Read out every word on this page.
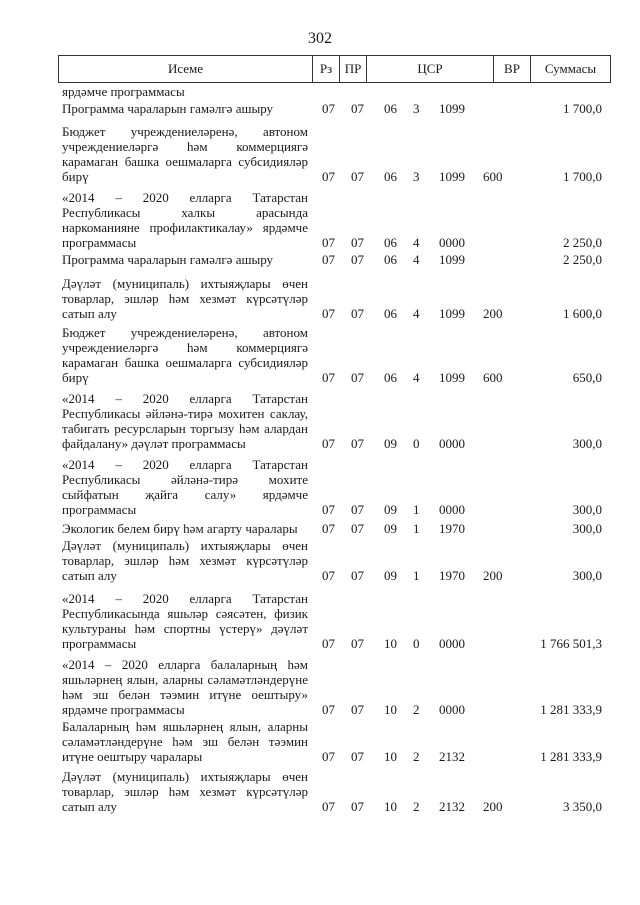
302
Исеме	Рз ПР	ЦСР	ВР	Суммасы
ярдәмче программасы
Программа чараларын гамәлгә ашыру	07 07 06 3 1099	1 700,0
Бюджет учреждениеләренә, автоном учреждениеләргә һәм коммерциягә карамаган башка оешмаларга субсидияләр бирү	07 07 06 3 1099 600	1 700,0
«2014 – 2020 елларга Татарстан Республикасы халкы арасында наркоманияне профилактикалау» ярдәмче программасы	07 07 06 4 0000	2 250,0
Программа чараларын гамәлгә ашыру	07 07 06 4 1099	2 250,0
Дәүләт (муниципаль) ихтыяҗлары өчен товарлар, эшләр һәм хезмәт күрсәтүләр сатып алу	07 07 06 4 1099 200	1 600,0
Бюджет учреждениеләренә, автоном учреждениеләргә һәм коммерциягә карамаган башка оешмаларга субсидияләр бирү	07 07 06 4 1099 600	650,0
«2014 – 2020 елларга Татарстан Республикасы әйләнә-тирә мохитен саклау, табигать ресурсларын торгызу һәм алардан файдалану» дәүләт программасы	07 07 09 0 0000	300,0
«2014 – 2020 елларга Татарстан Республикасы әйләнә-тирә мохите сыйфатын җайга салу» ярдәмче программасы	07 07 09 1 0000	300,0
Экологик белем бирү һәм агарту чаралары	07 07 09 1 1970	300,0
Дәүләт (муниципаль) ихтыяҗлары өчен товарлар, эшләр һәм хезмәт күрсәтүләр сатып алу	07 07 09 1 1970 200	300,0
«2014 – 2020 елларга Татарстан Республикасында яшьләр сәясәтен, физик культураны һәм спортны үстерү» дәүләт программасы	07 07 10 0 0000	1 766 501,3
«2014 – 2020 елларга балаларның һәм яшьләрнең ялын, аларны сәламәтләндерүне һәм эш белән тәэмин итүне оештыру» ярдәмче программасы	07 07 10 2 0000	1 281 333,9
Балаларның һәм яшьләрнең ялын, аларны сәламәтләндерүне һәм эш белән тәэмин итүне оештыру чаралары	07 07 10 2 2132	1 281 333,9
Дәүләт (муниципаль) ихтыяҗлары өчен товарлар, эшләр һәм хезмәт күрсәтүләр сатып алу	07 07 10 2 2132 200	3 350,0
